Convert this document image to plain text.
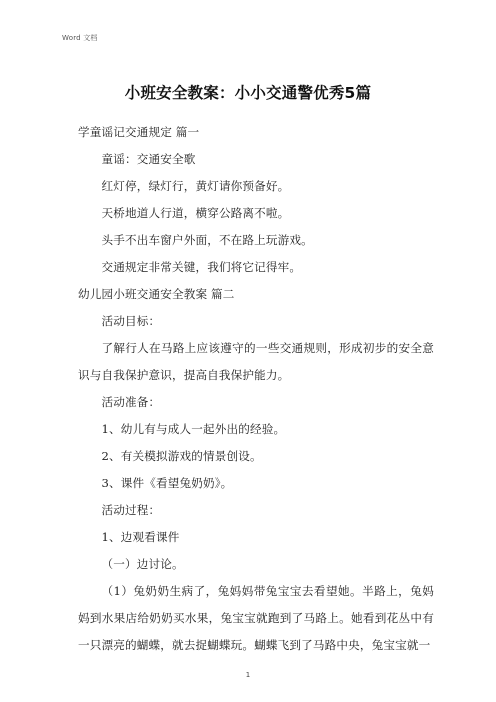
Word 文档
小班安全教案：小小交通警优秀5篇

学童谣记交通规定 篇一

童谣：交通安全歌

红灯停，绿灯行，黄灯请你预备好。

天桥地道人行道，横穿公路离不啦。

头手不出车窗户外面，不在路上玩游戏。

交通规定非常关键，我们将它记得牢。

幼儿园小班交通安全教案 篇二

活动目标：

了解行人在马路上应该遵守的一些交通规则，形成初步的安全意识与自我保护意识，提高自我保护能力。

活动准备：

1、幼儿有与成人一起外出的经验。

2、有关模拟游戏的情景创设。

3、课件《看望兔奶奶》。

活动过程：

1、边观看课件

（一）边讨论。

（1）兔奶奶生病了，兔妈妈带兔宝宝去看望她。半路上，兔妈妈到水果店给奶奶买水果，兔宝宝就跑到了马路上。她看到花丛中有一只漂亮的蝴蝶，就去捉蝴蝶玩。蝴蝶飞到了马路中央，兔宝宝就一

1
